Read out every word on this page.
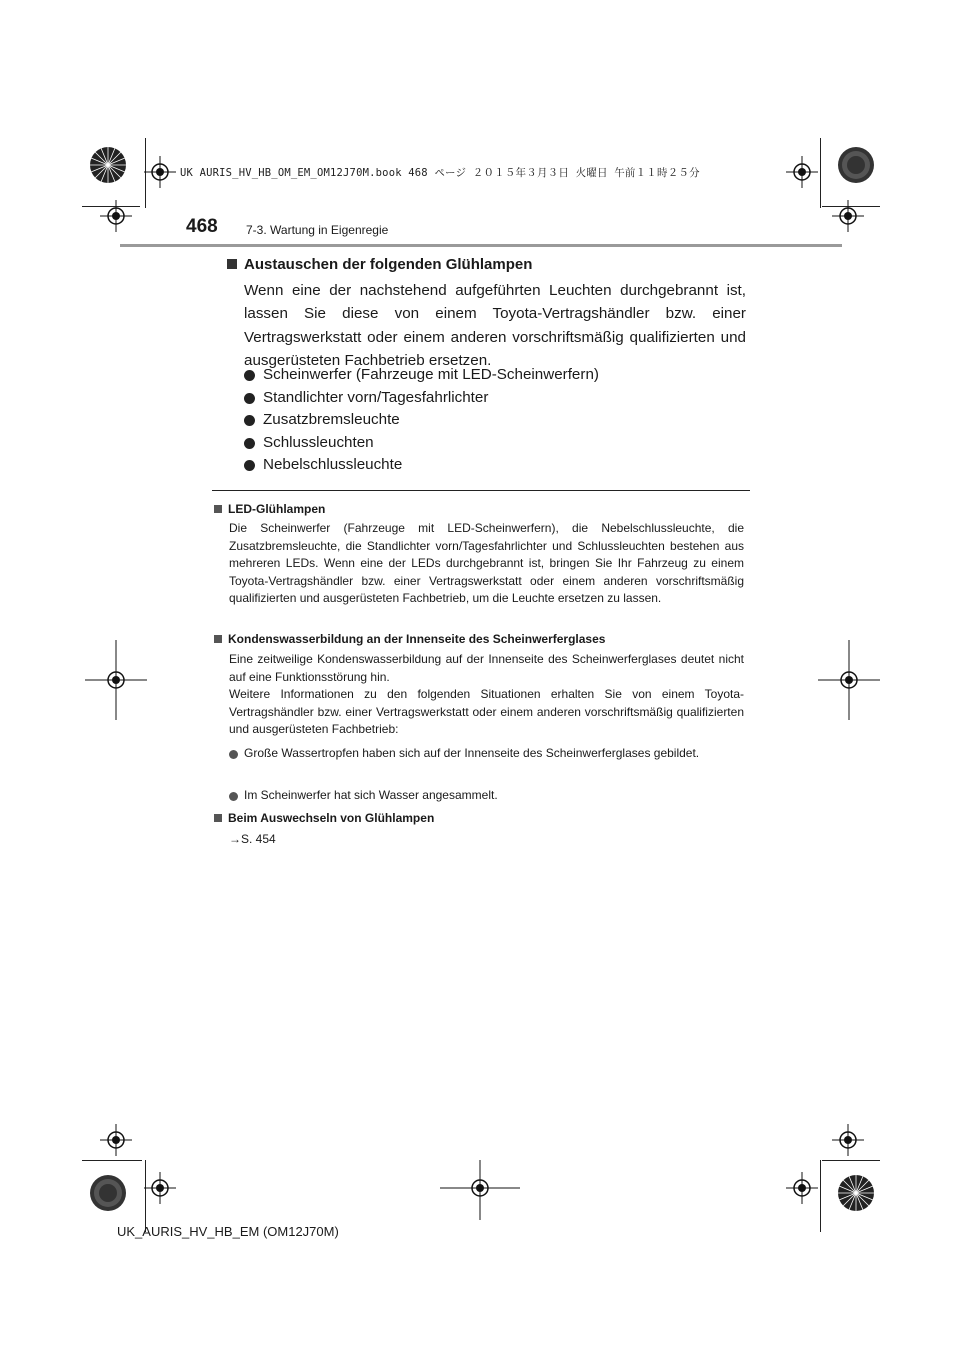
UK AURIS_HV_HB_OM_EM_OM12J70M.book 468 ページ ２０１５年３月３日 火曜日 午前１１時２５分
468 7-3. Wartung in Eigenregie
Austauschen der folgenden Glühlampen
Wenn eine der nachstehend aufgeführten Leuchten durchgebrannt ist, lassen Sie diese von einem Toyota-Vertragshändler bzw. einer Vertragswerkstatt oder einem anderen vorschriftsmäßig qualifizierten und ausgerüsteten Fachbetrieb ersetzen.
Scheinwerfer (Fahrzeuge mit LED-Scheinwerfern)
Standlichter vorn/Tagesfahrlichter
Zusatzbremsleuchte
Schlussleuchten
Nebelschlussleuchte
LED-Glühlampen
Die Scheinwerfer (Fahrzeuge mit LED-Scheinwerfern), die Nebelschlussleuchte, die Zusatzbremsleuchte, die Standlichter vorn/Tagesfahrlichter und Schlussleuchten bestehen aus mehreren LEDs. Wenn eine der LEDs durchgebrannt ist, bringen Sie Ihr Fahrzeug zu einem Toyota-Vertragshändler bzw. einer Vertragswerkstatt oder einem anderen vorschriftsmäßig qualifizierten und ausgerüsteten Fachbetrieb, um die Leuchte ersetzen zu lassen.
Kondenswasserbildung an der Innenseite des Scheinwerferglases
Eine zeitweilige Kondenswasserbildung auf der Innenseite des Scheinwerferglases deutet nicht auf eine Funktionsstörung hin.
Weitere Informationen zu den folgenden Situationen erhalten Sie von einem Toyota-Vertragshändler bzw. einer Vertragswerkstatt oder einem anderen vorschriftsmäßig qualifizierten und ausgerüsteten Fachbetrieb:
Große Wassertropfen haben sich auf der Innenseite des Scheinwerferglases gebildet.
Im Scheinwerfer hat sich Wasser angesammelt.
Beim Auswechseln von Glühlampen
→S. 454
UK_AURIS_HV_HB_EM (OM12J70M)
